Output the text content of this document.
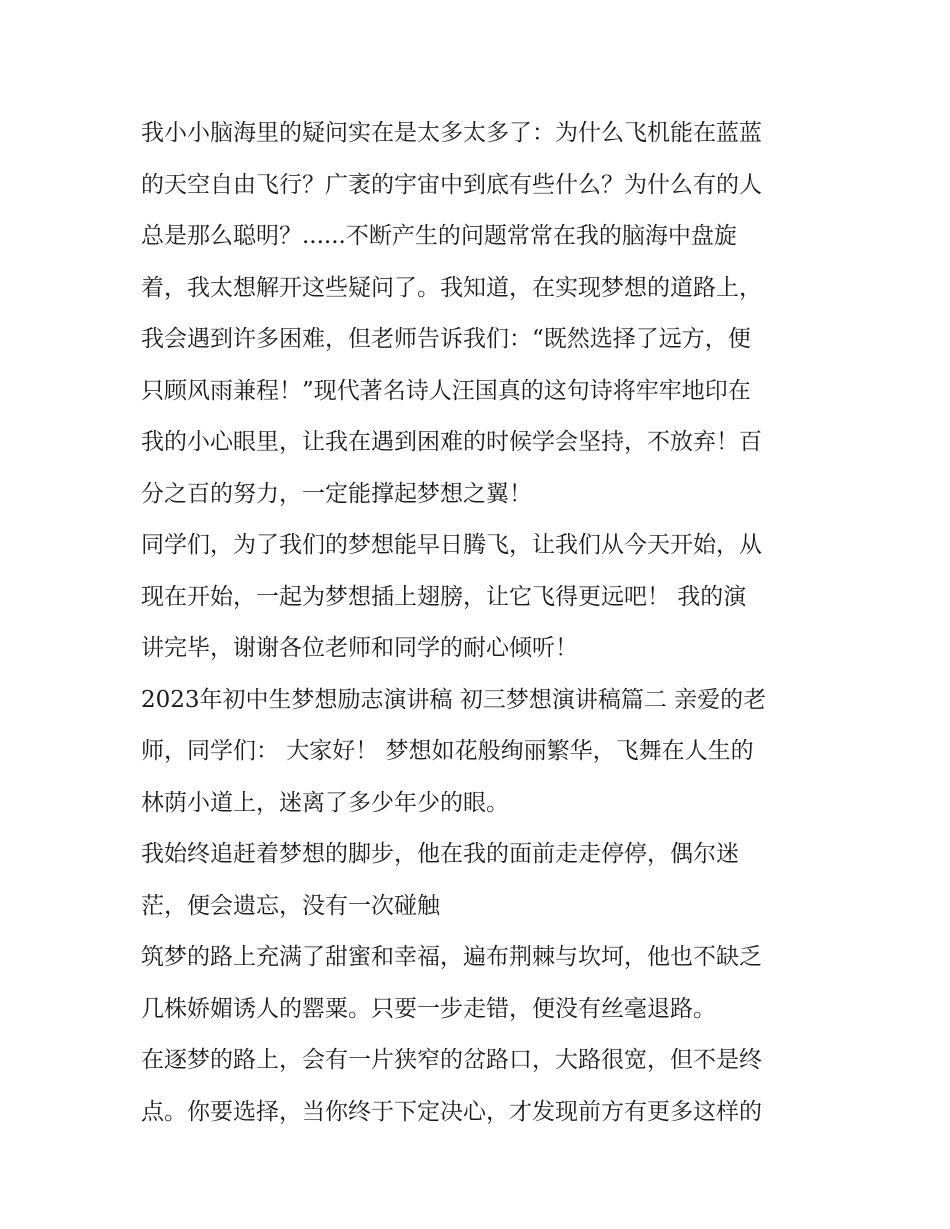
我小小脑海里的疑问实在是太多太多了：为什么飞机能在蓝蓝
的天空自由飞行？广袤的宇宙中到底有些什么？为什么有的人
总是那么聪明？......不断产生的问题常常在我的脑海中盘旋
着，我太想解开这些疑问了。我知道，在实现梦想的道路上，
我会遇到许多困难，但老师告诉我们：“既然选择了远方，便
只顾风雨兼程！”现代著名诗人汪国真的这句诗将牢牢地印在
我的小心眼里，让我在遇到困难的时候学会坚持，不放弃！百
分之百的努力，一定能撑起梦想之翼！

同学们，为了我们的梦想能早日腾飞，让我们从今天开始，从
现在开始，一起为梦想插上翅膀，让它飞得更远吧！ 我的演
讲完毕，谢谢各位老师和同学的耐心倾听！

2023年初中生梦想励志演讲稿 初三梦想演讲稿篇二 亲爱的老
师，同学们： 大家好！ 梦想如花般绚丽繁华，飞舞在人生的
林荫小道上，迷离了多少年少的眼。

我始终追赶着梦想的脚步，他在我的面前走走停停，偶尔迷
茫，便会遗忘，没有一次碰触

筑梦的路上充满了甜蜜和幸福，遍布荆棘与坎坷，他也不缺乏
几株娇媚诱人的罂粟。只要一步走错，便没有丝毫退路。

在逐梦的路上，会有一片狭窄的岔路口，大路很宽，但不是终
点。你要选择，当你终于下定决心，才发现前方有更多这样的
